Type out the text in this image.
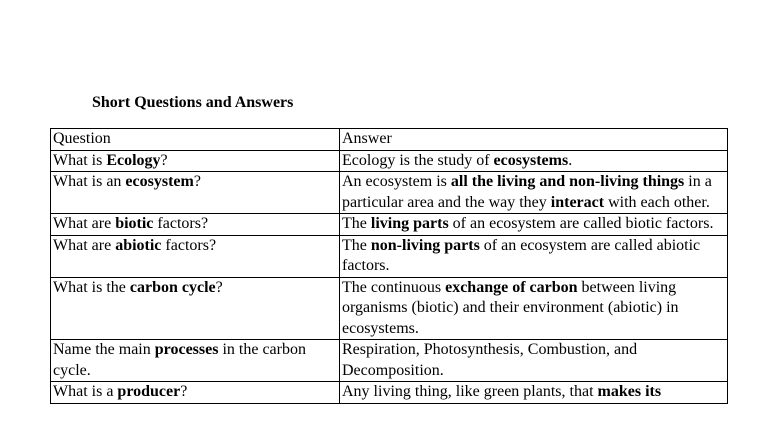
Short Questions and Answers
Question	Answer
What is Ecology?	Ecology is the study of ecosystems.
What is an ecosystem?	An ecosystem is all the living and non-living things in a particular area and the way they interact with each other.
What are biotic factors?	The living parts of an ecosystem are called biotic factors.
What are abiotic factors?	The non-living parts of an ecosystem are called abiotic factors.
What is the carbon cycle?	The continuous exchange of carbon between living organisms (biotic) and their environment (abiotic) in ecosystems.
Name the main processes in the carbon cycle.	Respiration, Photosynthesis, Combustion, and Decomposition.
What is a producer?	Any living thing, like green plants, that makes its
